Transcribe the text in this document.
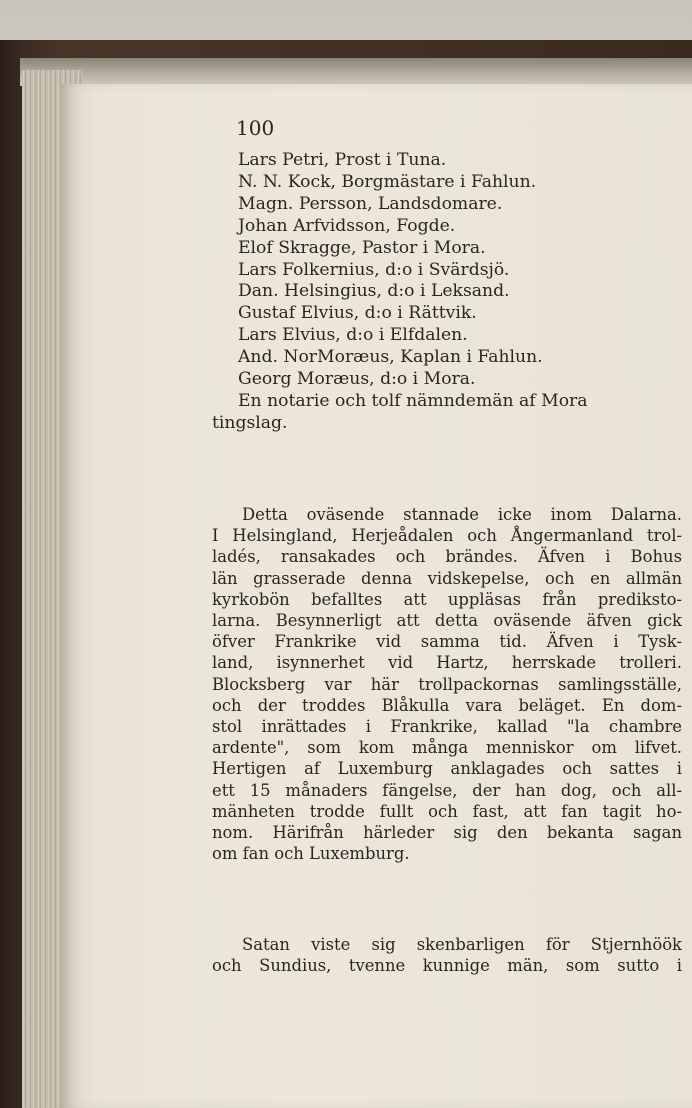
100
Lars Petri, Prost i Tuna.
N. N. Kock, Borgmästare i Fahlun.
Magn. Persson, Landsdomare.
Johan Arfvidsson, Fogde.
Elof Skragge, Pastor i Mora.
Lars Folkernius, d:o i Svärdsjö.
Dan. Helsingius, d:o i Leksand.
Gustaf Elvius, d:o i Rättvik.
Lars Elvius, d:o i Elfdalen.
And. NorMoræus, Kaplan i Fahlun.
Georg Moræus, d:o i Mora.
En notarie och tolf nämndemän af Mora
tingslag.
Detta oväsende stannade icke inom Dalarna.
I Helsingland, Herjeådalen och Ångermanland trol-
ladés, ransakades och brändes. Äfven i Bohus
län grasserade denna vidskepelse, och en allmän
kyrkobön befalltes att uppläsas från prediksto-
larna. Besynnerligt att detta oväsende äfven gick
öfver Frankrike vid samma tid. Äfven i Tysk-
land, isynnerhet vid Hartz, herrskade trolleri.
Blocksberg var här trollpackornas samlingsställe,
och der troddes Blåkulla vara beläget. En dom-
stol inrättades i Frankrike, kallad "la chambre
ardente", som kom många menniskor om lifvet.
Hertigen af Luxemburg anklagades och sattes i
ett 15 månaders fängelse, der han dog, och all-
mänheten trodde fullt och fast, att fan tagit ho-
nom. Härifrån härleder sig den bekanta sagan
om fan och Luxemburg.
Satan viste sig skenbarligen för Stjernhöök
och Sundius, tvenne kunnige män, som sutto i
